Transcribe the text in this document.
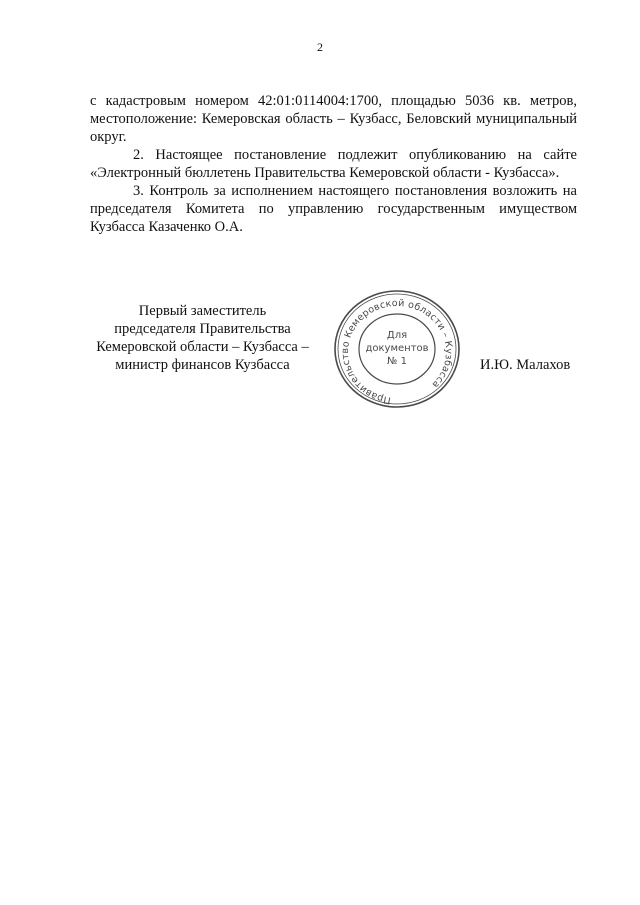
2

с кадастровым номером 42:01:0114004:1700, площадью 5036 кв. метров, местоположение: Кемеровская область – Кузбасс, Беловский муниципальный округ.

2. Настоящее постановление подлежит опубликованию на сайте «Электронный бюллетень Правительства Кемеровской области - Кузбасса».

3. Контроль за исполнением настоящего постановления возложить на председателя Комитета по управлению государственным имуществом Кузбасса Казаченко О.А.

Первый заместитель
председателя Правительства
Кемеровской области – Кузбасса –
министр финансов Кузбасса
Правительство Кемеровской области – Кузбасса
Для
документов
№ 1	И.Ю. Малахов
